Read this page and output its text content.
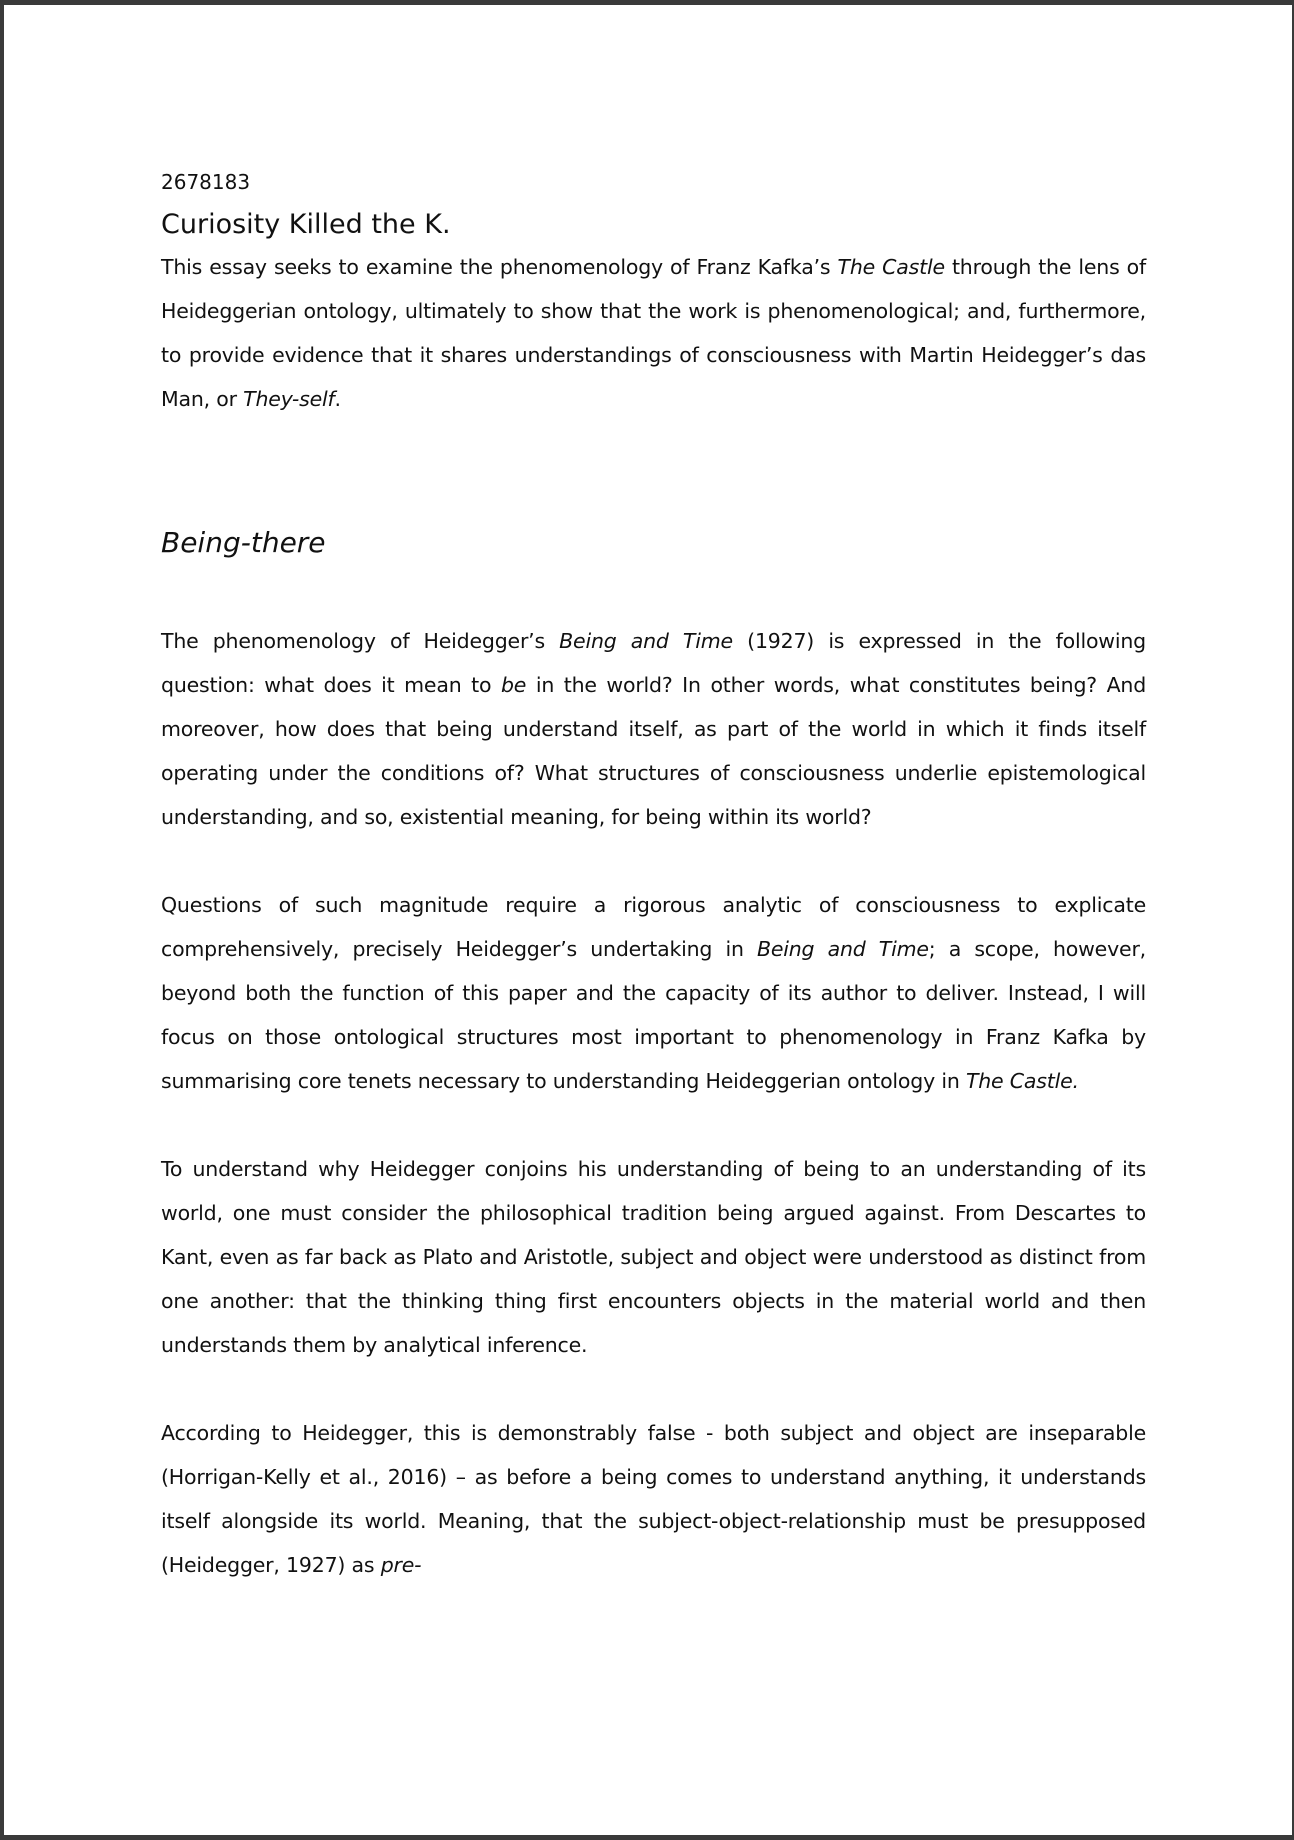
2678183

Curiosity Killed the K.

This essay seeks to examine the phenomenology of Franz Kafka’s The Castle through the lens of Heideggerian ontology, ultimately to show that the work is phenomenological; and, furthermore, to provide evidence that it shares understandings of consciousness with Martin Heidegger’s das Man, or They-self.

Being-there

The phenomenology of Heidegger’s Being and Time (1927) is expressed in the following question: what does it mean to be in the world? In other words, what constitutes being? And moreover, how does that being understand itself, as part of the world in which it finds itself operating under the conditions of? What structures of consciousness underlie epistemological understanding, and so, existential meaning, for being within its world?

Questions of such magnitude require a rigorous analytic of consciousness to explicate comprehensively, precisely Heidegger’s undertaking in Being and Time; a scope, however, beyond both the function of this paper and the capacity of its author to deliver. Instead, I will focus on those ontological structures most important to phenomenology in Franz Kafka by summarising core tenets necessary to understanding Heideggerian ontology in The Castle.

To understand why Heidegger conjoins his understanding of being to an understanding of its world, one must consider the philosophical tradition being argued against. From Descartes to Kant, even as far back as Plato and Aristotle, subject and object were understood as distinct from one another: that the thinking thing first encounters objects in the material world and then understands them by analytical inference.

According to Heidegger, this is demonstrably false - both subject and object are inseparable (Horrigan-Kelly et al., 2016) – as before a being comes to understand anything, it understands itself alongside its world. Meaning, that the subject-object-relationship must be presupposed (Heidegger, 1927) as pre-
